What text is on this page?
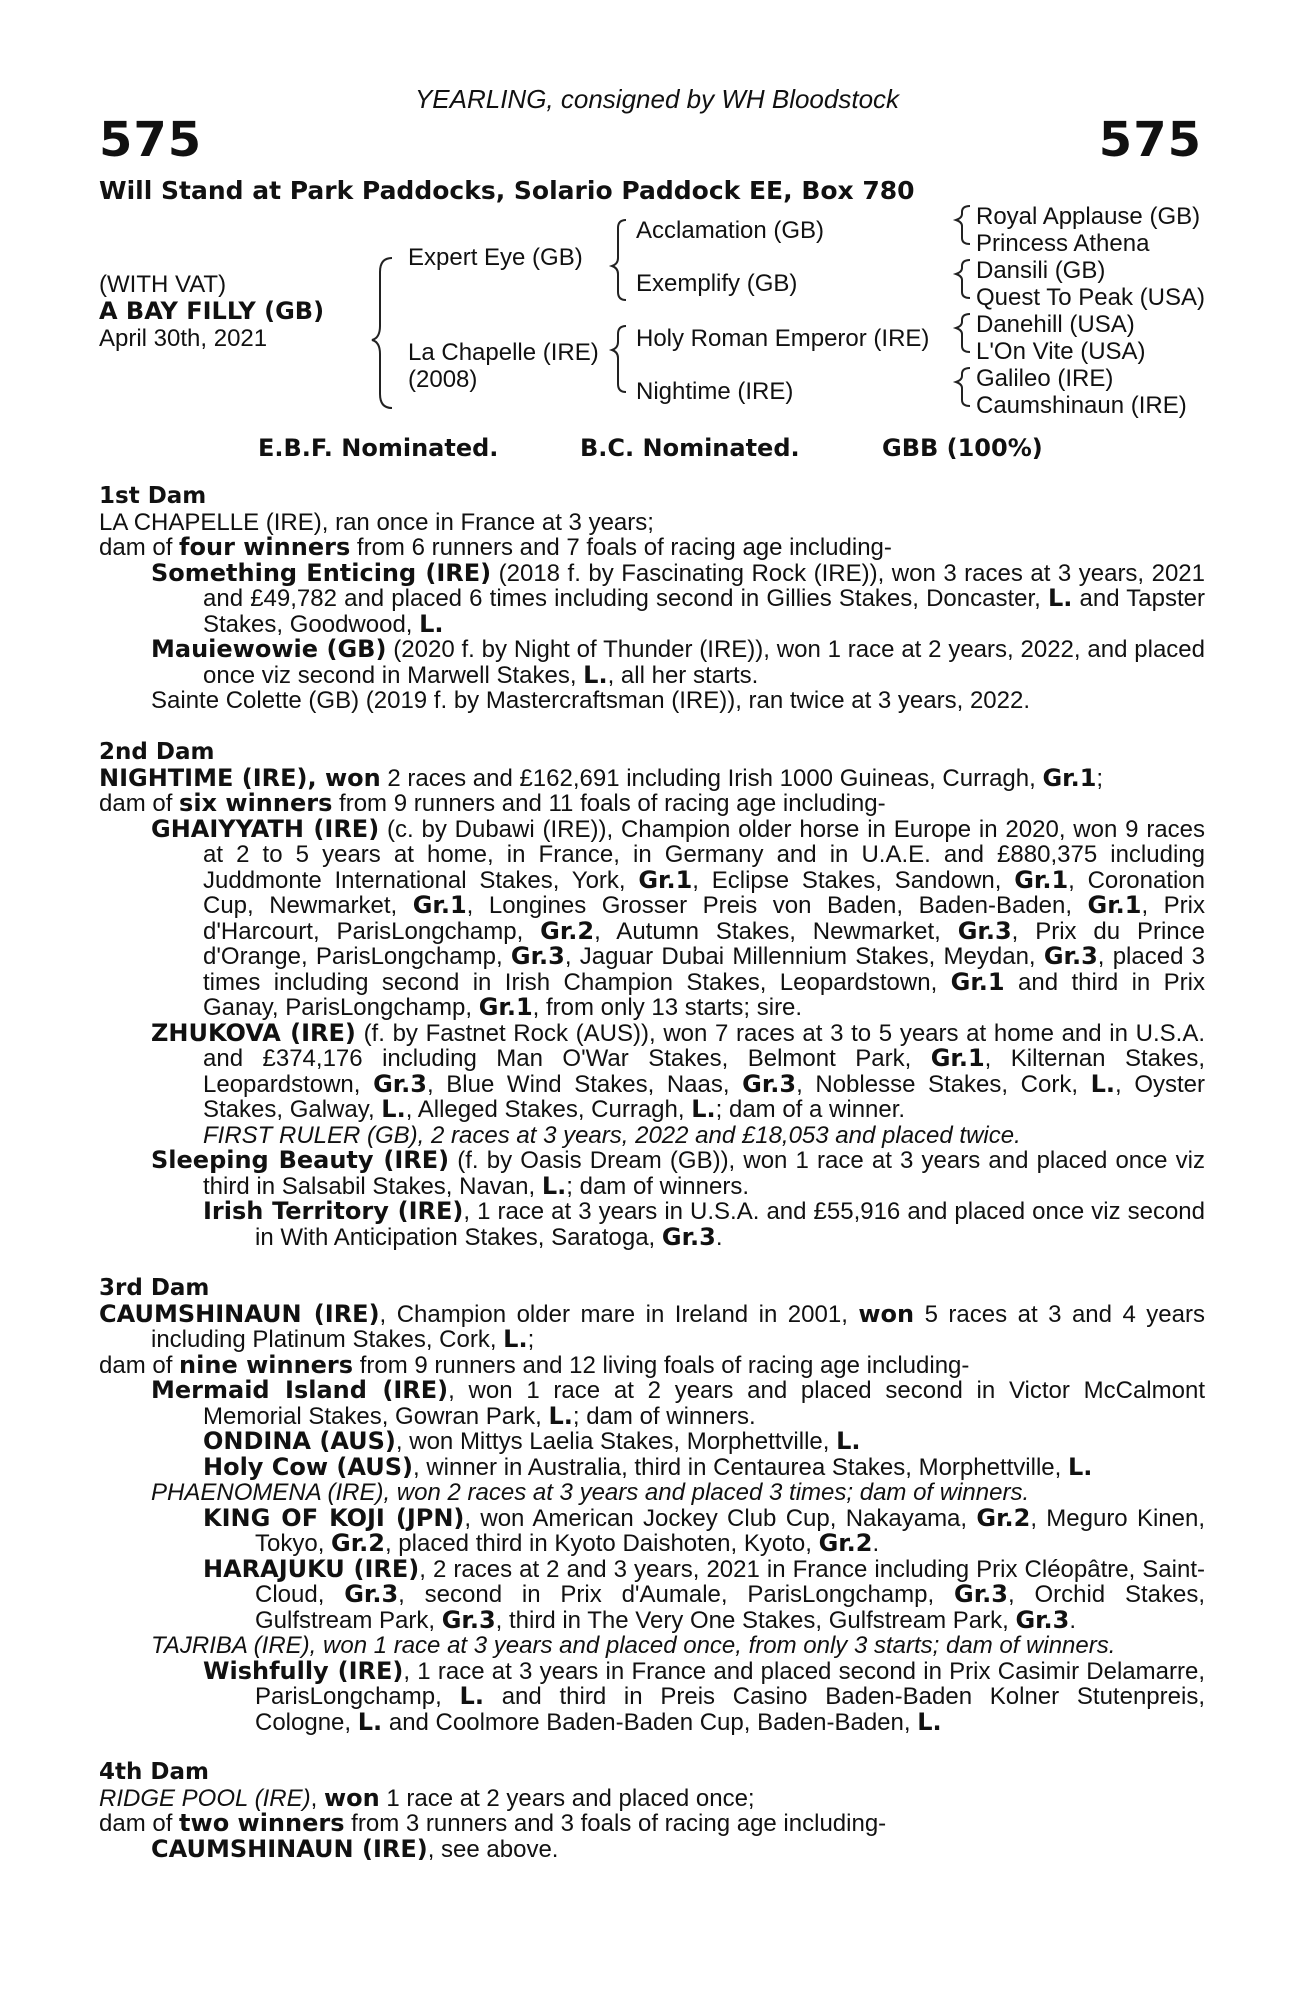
YEARLING, consigned by WH Bloodstock
575	575
Will Stand at Park Paddocks, Solario Paddock EE, Box 780
(WITH VAT)
A BAY FILLY (GB)
April 30th, 2021
Expert Eye (GB)
La Chapelle (IRE)
(2008)
Acclamation (GB)
Exemplify (GB)
Holy Roman Emperor (IRE)
Nightime (IRE)
Royal Applause (GB)
Princess Athena
Dansili (GB)
Quest To Peak (USA)
Danehill (USA)
L'On Vite (USA)
Galileo (IRE)
Caumshinaun (IRE)
E.B.F. Nominated.	B.C. Nominated.	GBB (100%)
1st Dam
LA CHAPELLE (IRE), ran once in France at 3 years;
dam of four winners from 6 runners and 7 foals of racing age including-
Something Enticing (IRE) (2018 f. by Fascinating Rock (IRE)), won 3 races at 3 years, 2021 and £49,782 and placed 6 times including second in Gillies Stakes, Doncaster, L. and Tapster Stakes, Goodwood, L.
Mauiewowie (GB) (2020 f. by Night of Thunder (IRE)), won 1 race at 2 years, 2022, and placed once viz second in Marwell Stakes, L., all her starts.
Sainte Colette (GB) (2019 f. by Mastercraftsman (IRE)), ran twice at 3 years, 2022.
2nd Dam
NIGHTIME (IRE), won 2 races and £162,691 including Irish 1000 Guineas, Curragh, Gr.1;
dam of six winners from 9 runners and 11 foals of racing age including-
GHAIYYATH (IRE) (c. by Dubawi (IRE)), Champion older horse in Europe in 2020, won 9 races at 2 to 5 years at home, in France, in Germany and in U.A.E. and £880,375 including Juddmonte International Stakes, York, Gr.1, Eclipse Stakes, Sandown, Gr.1, Coronation Cup, Newmarket, Gr.1, Longines Grosser Preis von Baden, Baden-Baden, Gr.1, Prix d'Harcourt, ParisLongchamp, Gr.2, Autumn Stakes, Newmarket, Gr.3, Prix du Prince d'Orange, ParisLongchamp, Gr.3, Jaguar Dubai Millennium Stakes, Meydan, Gr.3, placed 3 times including second in Irish Champion Stakes, Leopardstown, Gr.1 and third in Prix Ganay, ParisLongchamp, Gr.1, from only 13 starts; sire.
ZHUKOVA (IRE) (f. by Fastnet Rock (AUS)), won 7 races at 3 to 5 years at home and in U.S.A. and £374,176 including Man O'War Stakes, Belmont Park, Gr.1, Kilternan Stakes, Leopardstown, Gr.3, Blue Wind Stakes, Naas, Gr.3, Noblesse Stakes, Cork, L., Oyster Stakes, Galway, L., Alleged Stakes, Curragh, L.; dam of a winner.
FIRST RULER (GB), 2 races at 3 years, 2022 and £18,053 and placed twice.
Sleeping Beauty (IRE) (f. by Oasis Dream (GB)), won 1 race at 3 years and placed once viz third in Salsabil Stakes, Navan, L.; dam of winners.
Irish Territory (IRE), 1 race at 3 years in U.S.A. and £55,916 and placed once viz second in With Anticipation Stakes, Saratoga, Gr.3.
3rd Dam
CAUMSHINAUN (IRE), Champion older mare in Ireland in 2001, won 5 races at 3 and 4 years including Platinum Stakes, Cork, L.;
dam of nine winners from 9 runners and 12 living foals of racing age including-
Mermaid Island (IRE), won 1 race at 2 years and placed second in Victor McCalmont Memorial Stakes, Gowran Park, L.; dam of winners.
ONDINA (AUS), won Mittys Laelia Stakes, Morphettville, L.
Holy Cow (AUS), winner in Australia, third in Centaurea Stakes, Morphettville, L.
PHAENOMENA (IRE), won 2 races at 3 years and placed 3 times; dam of winners.
KING OF KOJI (JPN), won American Jockey Club Cup, Nakayama, Gr.2, Meguro Kinen, Tokyo, Gr.2, placed third in Kyoto Daishoten, Kyoto, Gr.2.
HARAJUKU (IRE), 2 races at 2 and 3 years, 2021 in France including Prix Cléopâtre, Saint-Cloud, Gr.3, second in Prix d'Aumale, ParisLongchamp, Gr.3, Orchid Stakes, Gulfstream Park, Gr.3, third in The Very One Stakes, Gulfstream Park, Gr.3.
TAJRIBA (IRE), won 1 race at 3 years and placed once, from only 3 starts; dam of winners.
Wishfully (IRE), 1 race at 3 years in France and placed second in Prix Casimir Delamarre, ParisLongchamp, L. and third in Preis Casino Baden-Baden Kolner Stutenpreis, Cologne, L. and Coolmore Baden-Baden Cup, Baden-Baden, L.
4th Dam
RIDGE POOL (IRE), won 1 race at 2 years and placed once;
dam of two winners from 3 runners and 3 foals of racing age including-
CAUMSHINAUN (IRE), see above.
